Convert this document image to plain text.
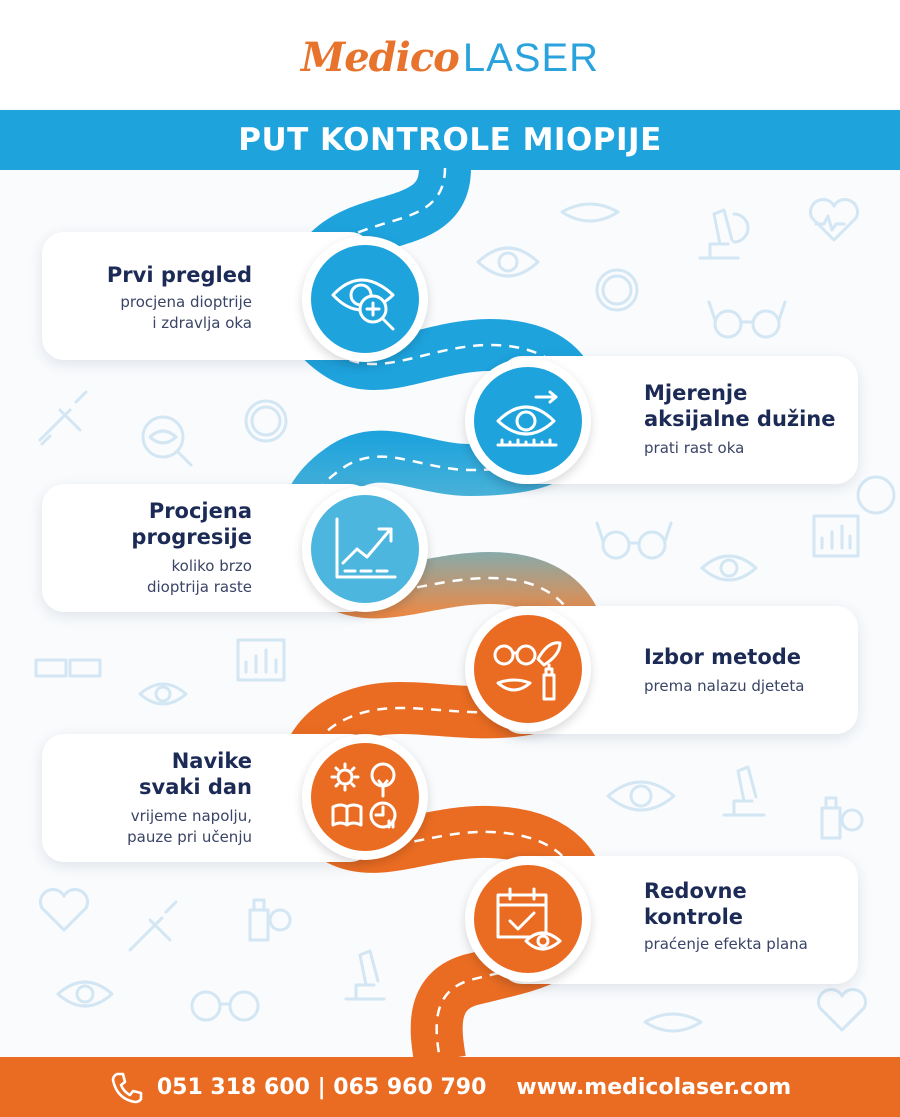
Medico LASER
PUT KONTROLE MIOPIJE
Prvi pregled
procjena dioptrije
i zdravlja oka
1
Mjerenje
aksijalne dužine
prati rast oka
2
Procjena
progresije
koliko brzo
dioptrija raste
3
Izbor metode
prema nalazu djeteta
4
Navike
svaki dan
vrijeme napolju,
pauze pri učenju
5
Redovne
kontrole
praćenje efekta plana
6
051 318 600 | 065 960 790 www.medicolaser.com
